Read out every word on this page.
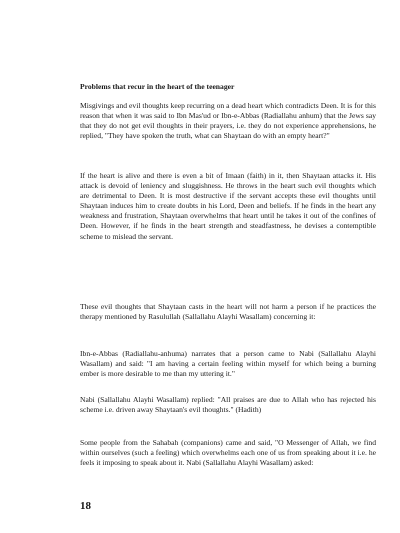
Problems that recur in the heart of the teenager

Misgivings and evil thoughts keep recurring on a dead heart which contradicts Deen. It is for this reason that when it was said to Ibn Mas'ud or Ibn-e-Abbas (Radiallahu anhum) that the Jews say that they do not get evil thoughts in their prayers, i.e. they do not experience apprehensions, he replied, "They have spoken the truth, what can Shaytaan do with an empty heart?"

If the heart is alive and there is even a bit of Imaan (faith) in it, then Shaytaan attacks it. His attack is devoid of leniency and sluggishness. He throws in the heart such evil thoughts which are detrimental to Deen. It is most destructive if the servant accepts these evil thoughts until Shaytaan induces him to create doubts in his Lord, Deen and beliefs. If he finds in the heart any weakness and frustration, Shaytaan overwhelms that heart until he takes it out of the confines of Deen. However, if he finds in the heart strength and steadfastness, he devises a contemptible scheme to mislead the servant.

These evil thoughts that Shaytaan casts in the heart will not harm a person if he practices the therapy mentioned by Rasulullah (Sallallahu Alayhi Wasallam) concerning it:

Ibn-e-Abbas (Radiallahu-anhuma) narrates that a person came to Nabi (Sallallahu Alayhi Wasallam) and said: "I am having a certain feeling within myself for which being a burning ember is more desirable to me than my uttering it."

Nabi (Sallallahu Alayhi Wasallam) replied: "All praises are due to Allah who has rejected his scheme i.e. driven away Shaytaan's evil thoughts." (Hadith)

Some people from the Sahabah (companions) came and said, "O Messenger of Allah, we find within ourselves (such a feeling) which overwhelms each one of us from speaking about it i.e. he feels it imposing to speak about it. Nabi (Sallallahu Alayhi Wasallam) asked:

18
